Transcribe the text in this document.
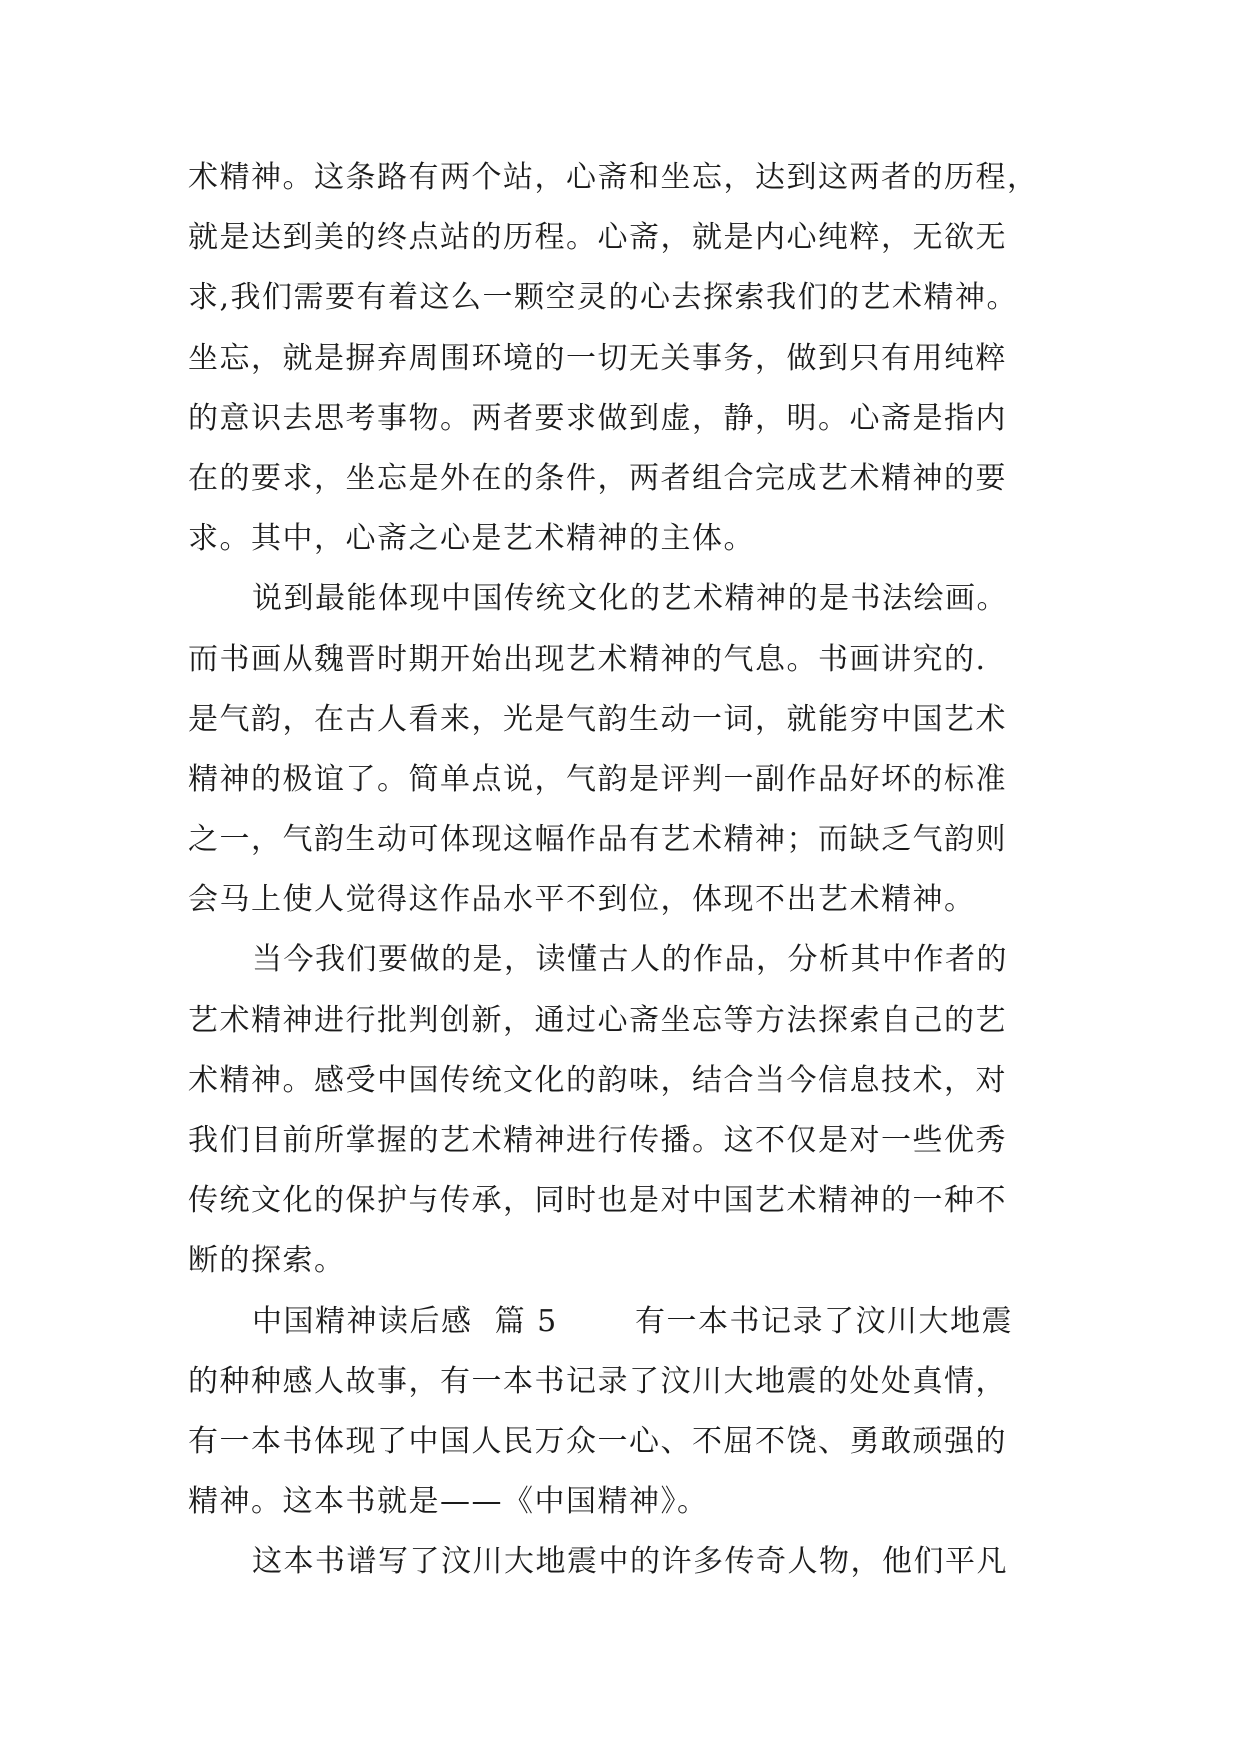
术精神。这条路有两个站，心斋和坐忘，达到这两者的历程，
就是达到美的终点站的历程。心斋，就是内心纯粹，无欲无
求,我们需要有着这么一颗空灵的心去探索我们的艺术精神。
坐忘，就是摒弃周围环境的一切无关事务，做到只有用纯粹
的意识去思考事物。两者要求做到虚，静，明。心斋是指内
在的要求，坐忘是外在的条件，两者组合完成艺术精神的要
求。其中，心斋之心是艺术精神的主体。
说到最能体现中国传统文化的艺术精神的是书法绘画。
而书画从魏晋时期开始出现艺术精神的气息。书画讲究的.
是气韵，在古人看来，光是气韵生动一词，就能穷中国艺术
精神的极谊了。简单点说，气韵是评判一副作品好坏的标准
之一，气韵生动可体现这幅作品有艺术精神；而缺乏气韵则
会马上使人觉得这作品水平不到位，体现不出艺术精神。
当今我们要做的是，读懂古人的作品，分析其中作者的
艺术精神进行批判创新，通过心斋坐忘等方法探索自己的艺
术精神。感受中国传统文化的韵味，结合当今信息技术，对
我们目前所掌握的艺术精神进行传播。这不仅是对一些优秀
传统文化的保护与传承，同时也是对中国艺术精神的一种不
断的探索。
中国精神读后感  篇 5       有一本书记录了汶川大地震
的种种感人故事，有一本书记录了汶川大地震的处处真情，
有一本书体现了中国人民万众一心、不屈不饶、勇敢顽强的
精神。这本书就是——《中国精神》。
这本书谱写了汶川大地震中的许多传奇人物，他们平凡
